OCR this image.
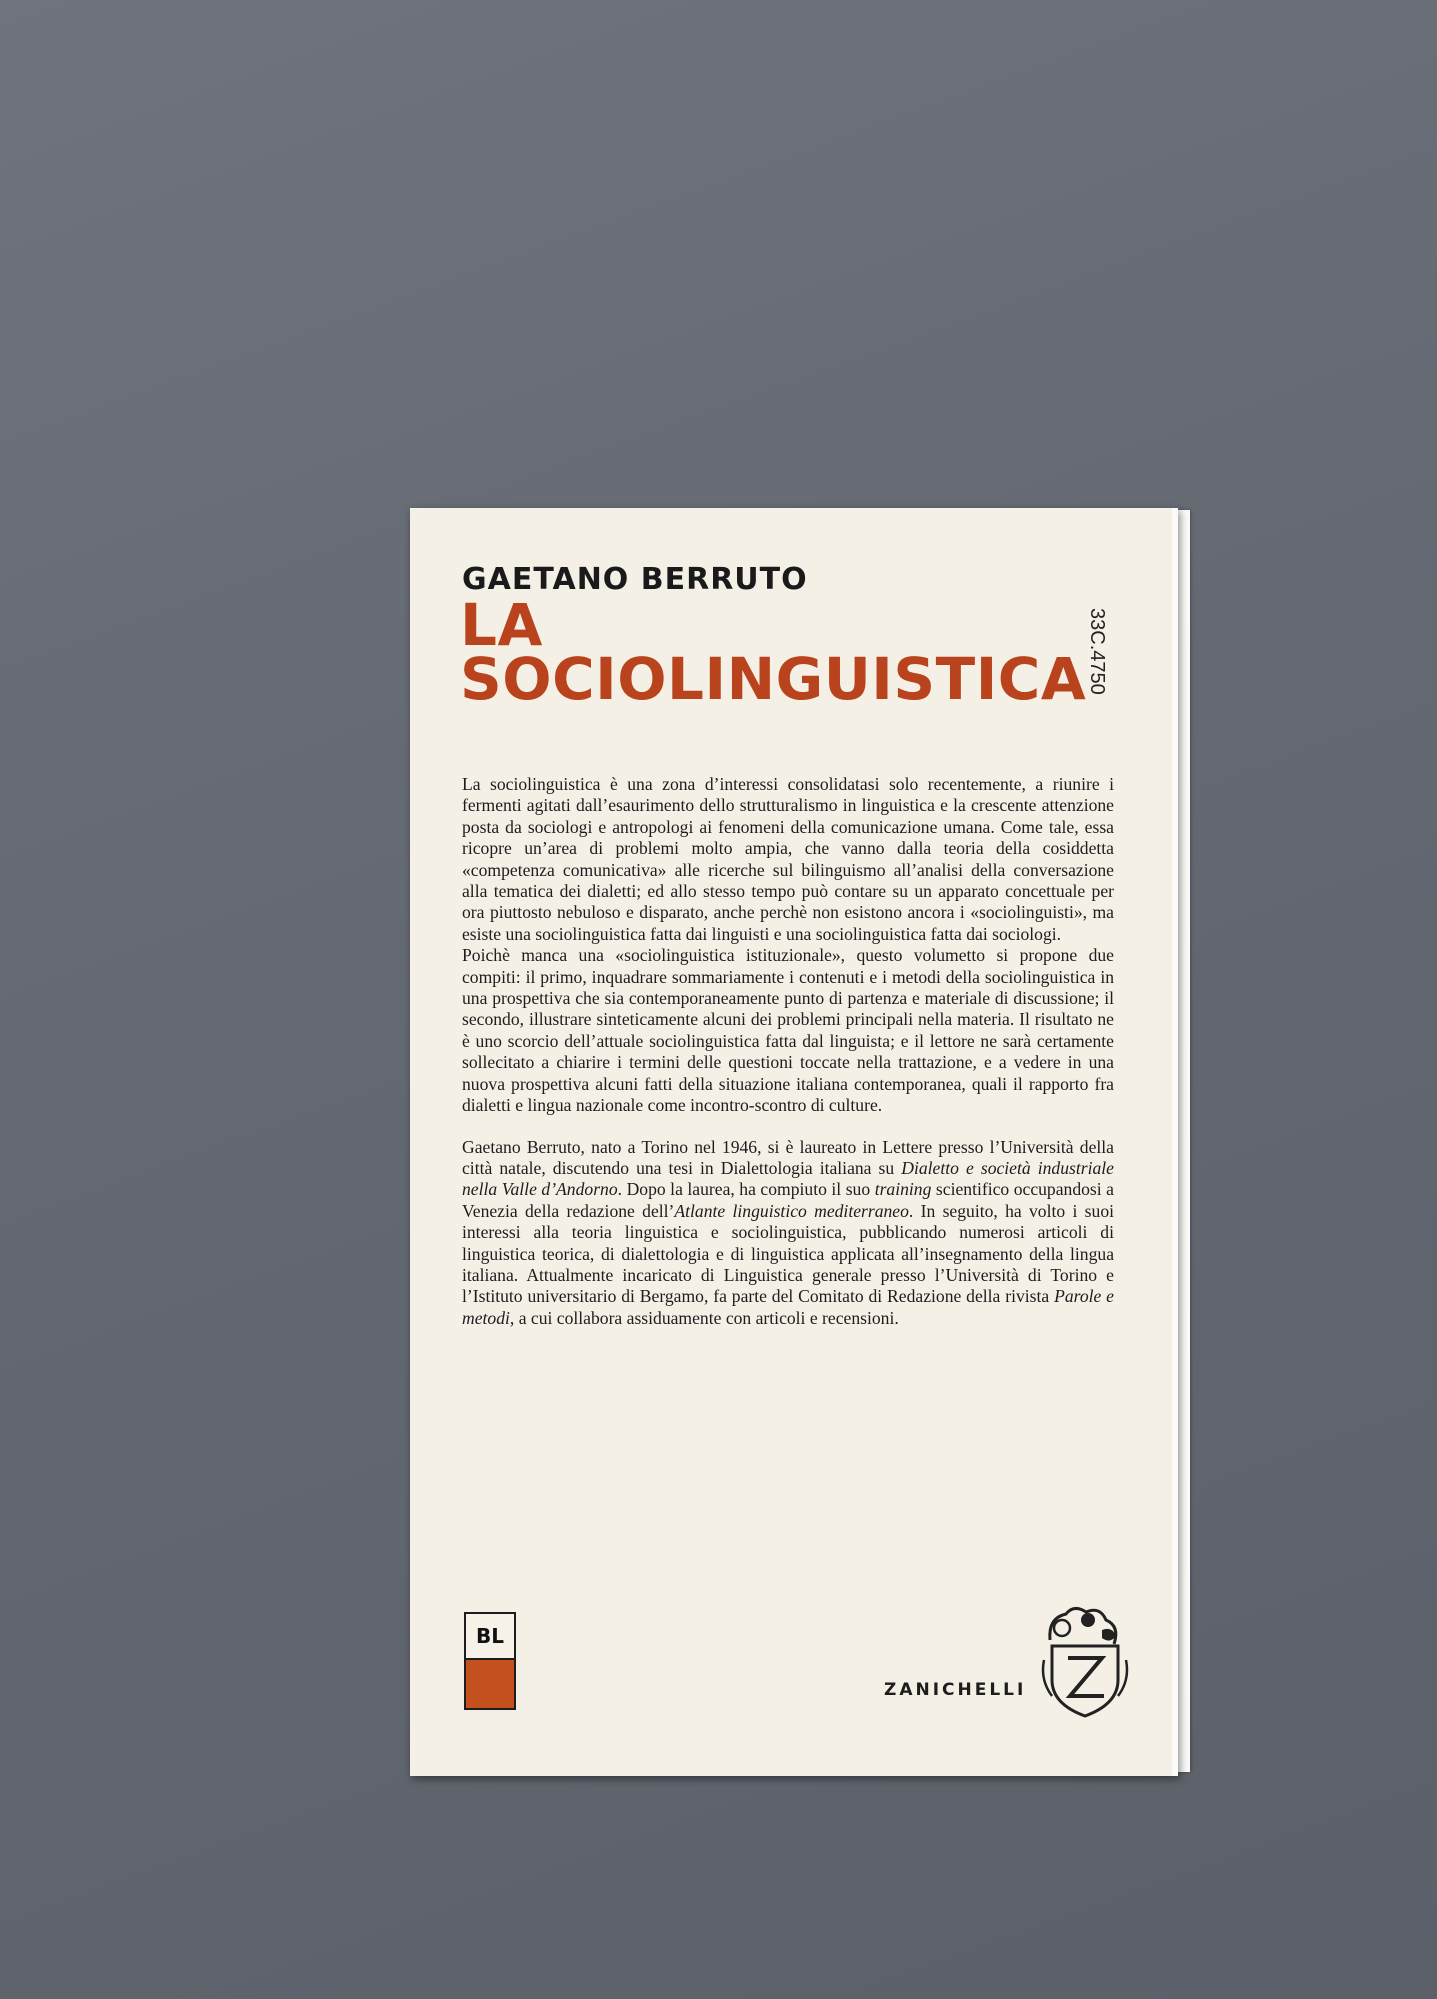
GAETANO BERRUTO
LA
SOCIOLINGUISTICA 33C.4750

La sociolinguistica è una zona d’interessi consolidatasi solo recentemente, a riunire i fermenti agitati dall’esaurimento dello strutturalismo in linguistica e la crescente attenzione posta da sociologi e antropologi ai fenomeni della comunicazione umana. Come tale, essa ricopre un’area di problemi molto ampia, che vanno dalla teoria della cosiddetta «competenza comunicativa» alle ricerche sul bilinguismo all’analisi della conversazione alla tematica dei dialetti; ed allo stesso tempo può contare su un apparato concettuale per ora piuttosto nebuloso e disparato, anche perchè non esistono ancora i «sociolinguisti», ma esiste una sociolinguistica fatta dai linguisti e una sociolinguistica fatta dai sociologi.

Poichè manca una «sociolinguistica istituzionale», questo volumetto si propone due compiti: il primo, inquadrare sommariamente i contenuti e i metodi della sociolinguistica in una prospettiva che sia contemporaneamente punto di partenza e materiale di discussione; il secondo, illustrare sinteticamente alcuni dei problemi principali nella materia. Il risultato ne è uno scorcio dell’attuale sociolinguistica fatta dal linguista; e il lettore ne sarà certamente sollecitato a chiarire i termini delle questioni toccate nella trattazione, e a vedere in una nuova prospettiva alcuni fatti della situazione italiana contemporanea, quali il rapporto fra dialetti e lingua nazionale come incontro-scontro di culture.

Gaetano Berruto, nato a Torino nel 1946, si è laureato in Lettere presso l’Università della città natale, discutendo una tesi in Dialettologia italiana su Dialetto e società industriale nella Valle d’Andorno. Dopo la laurea, ha compiuto il suo training scientifico occupandosi a Venezia della redazione dell’Atlante linguistico mediterraneo. In seguito, ha volto i suoi interessi alla teoria linguistica e sociolinguistica, pubblicando numerosi articoli di linguistica teorica, di dialettologia e di linguistica applicata all’insegnamento della lingua italiana. Attualmente incaricato di Linguistica generale presso l’Università di Torino e l’Istituto universitario di Bergamo, fa parte del Comitato di Redazione della rivista Parole e metodi, a cui collabora assiduamente con articoli e recensioni.

BL

ZANICHELLI
